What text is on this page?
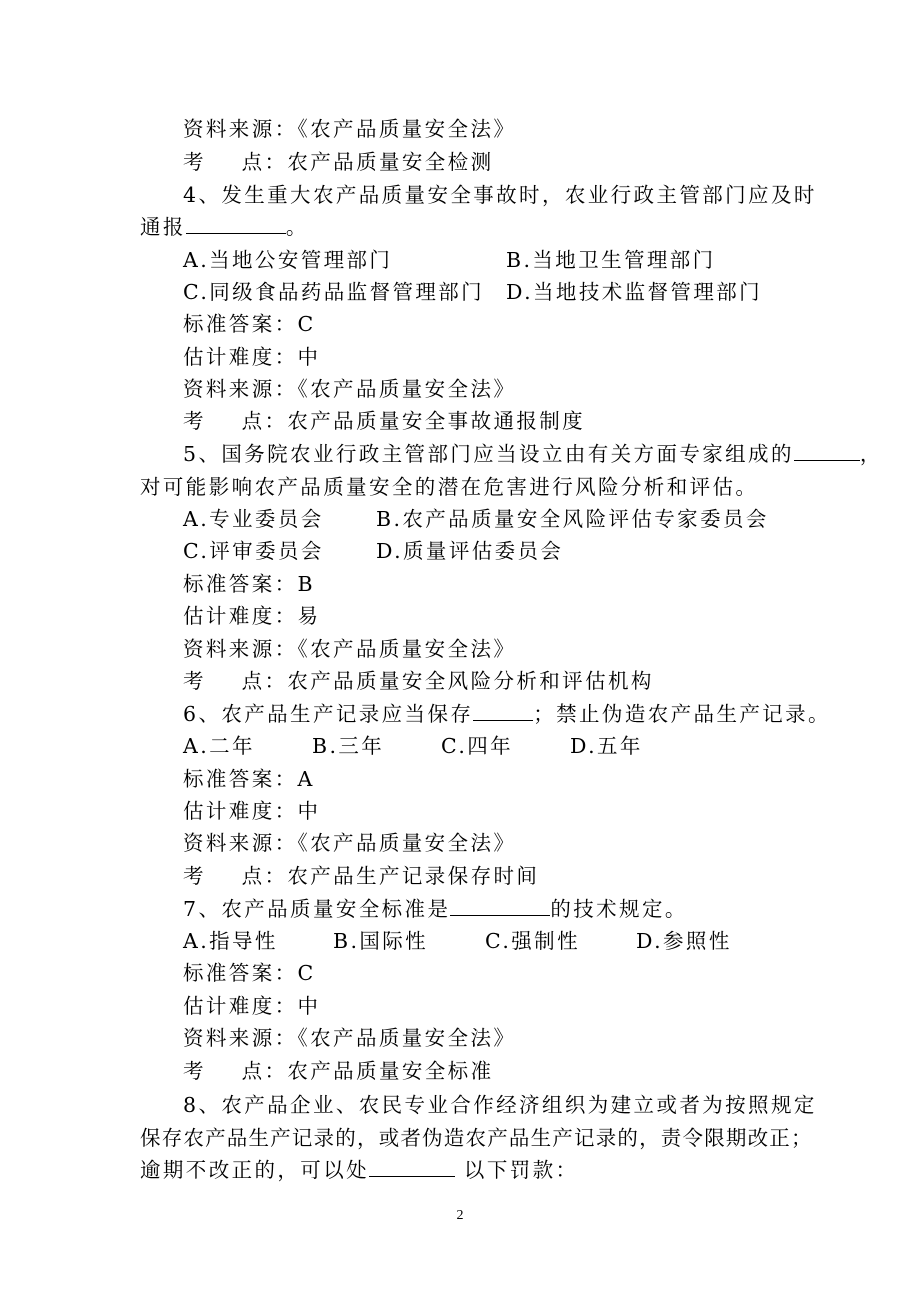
资料来源：《农产品质量安全法》
考    点：农产品质量安全检测
4、发生重大农产品质量安全事故时，农业行政主管部门应及时
通报	。
A.当地公安管理部门	B.当地卫生管理部门
C.同级食品药品监督管理部门 D.当地技术监督管理部门
标准答案：C
估计难度：中
资料来源：《农产品质量安全法》
考    点：农产品质量安全事故通报制度
5、国务院农业行政主管部门应当设立由有关方面专家组成的	，
对可能影响农产品质量安全的潜在危害进行风险分析和评估。
A.专业委员会	B.农产品质量安全风险评估专家委员会
C.评审委员会	D.质量评估委员会
标准答案：B
估计难度：易
资料来源：《农产品质量安全法》
考    点：农产品质量安全风险分析和评估机构
6、农产品生产记录应当保存	；禁止伪造农产品生产记录。
A.二年	B.三年	C.四年	D.五年
标准答案：A
估计难度：中
资料来源：《农产品质量安全法》
考    点：农产品生产记录保存时间
7、农产品质量安全标准是	的技术规定。
A.指导性	B.国际性	C.强制性	D.参照性
标准答案：C
估计难度：中
资料来源：《农产品质量安全法》
考    点：农产品质量安全标准
8、农产品企业、农民专业合作经济组织为建立或者为按照规定
保存农产品生产记录的，或者伪造农产品生产记录的，责令限期改正；
逾期不改正的，可以处	以下罚款：
2
